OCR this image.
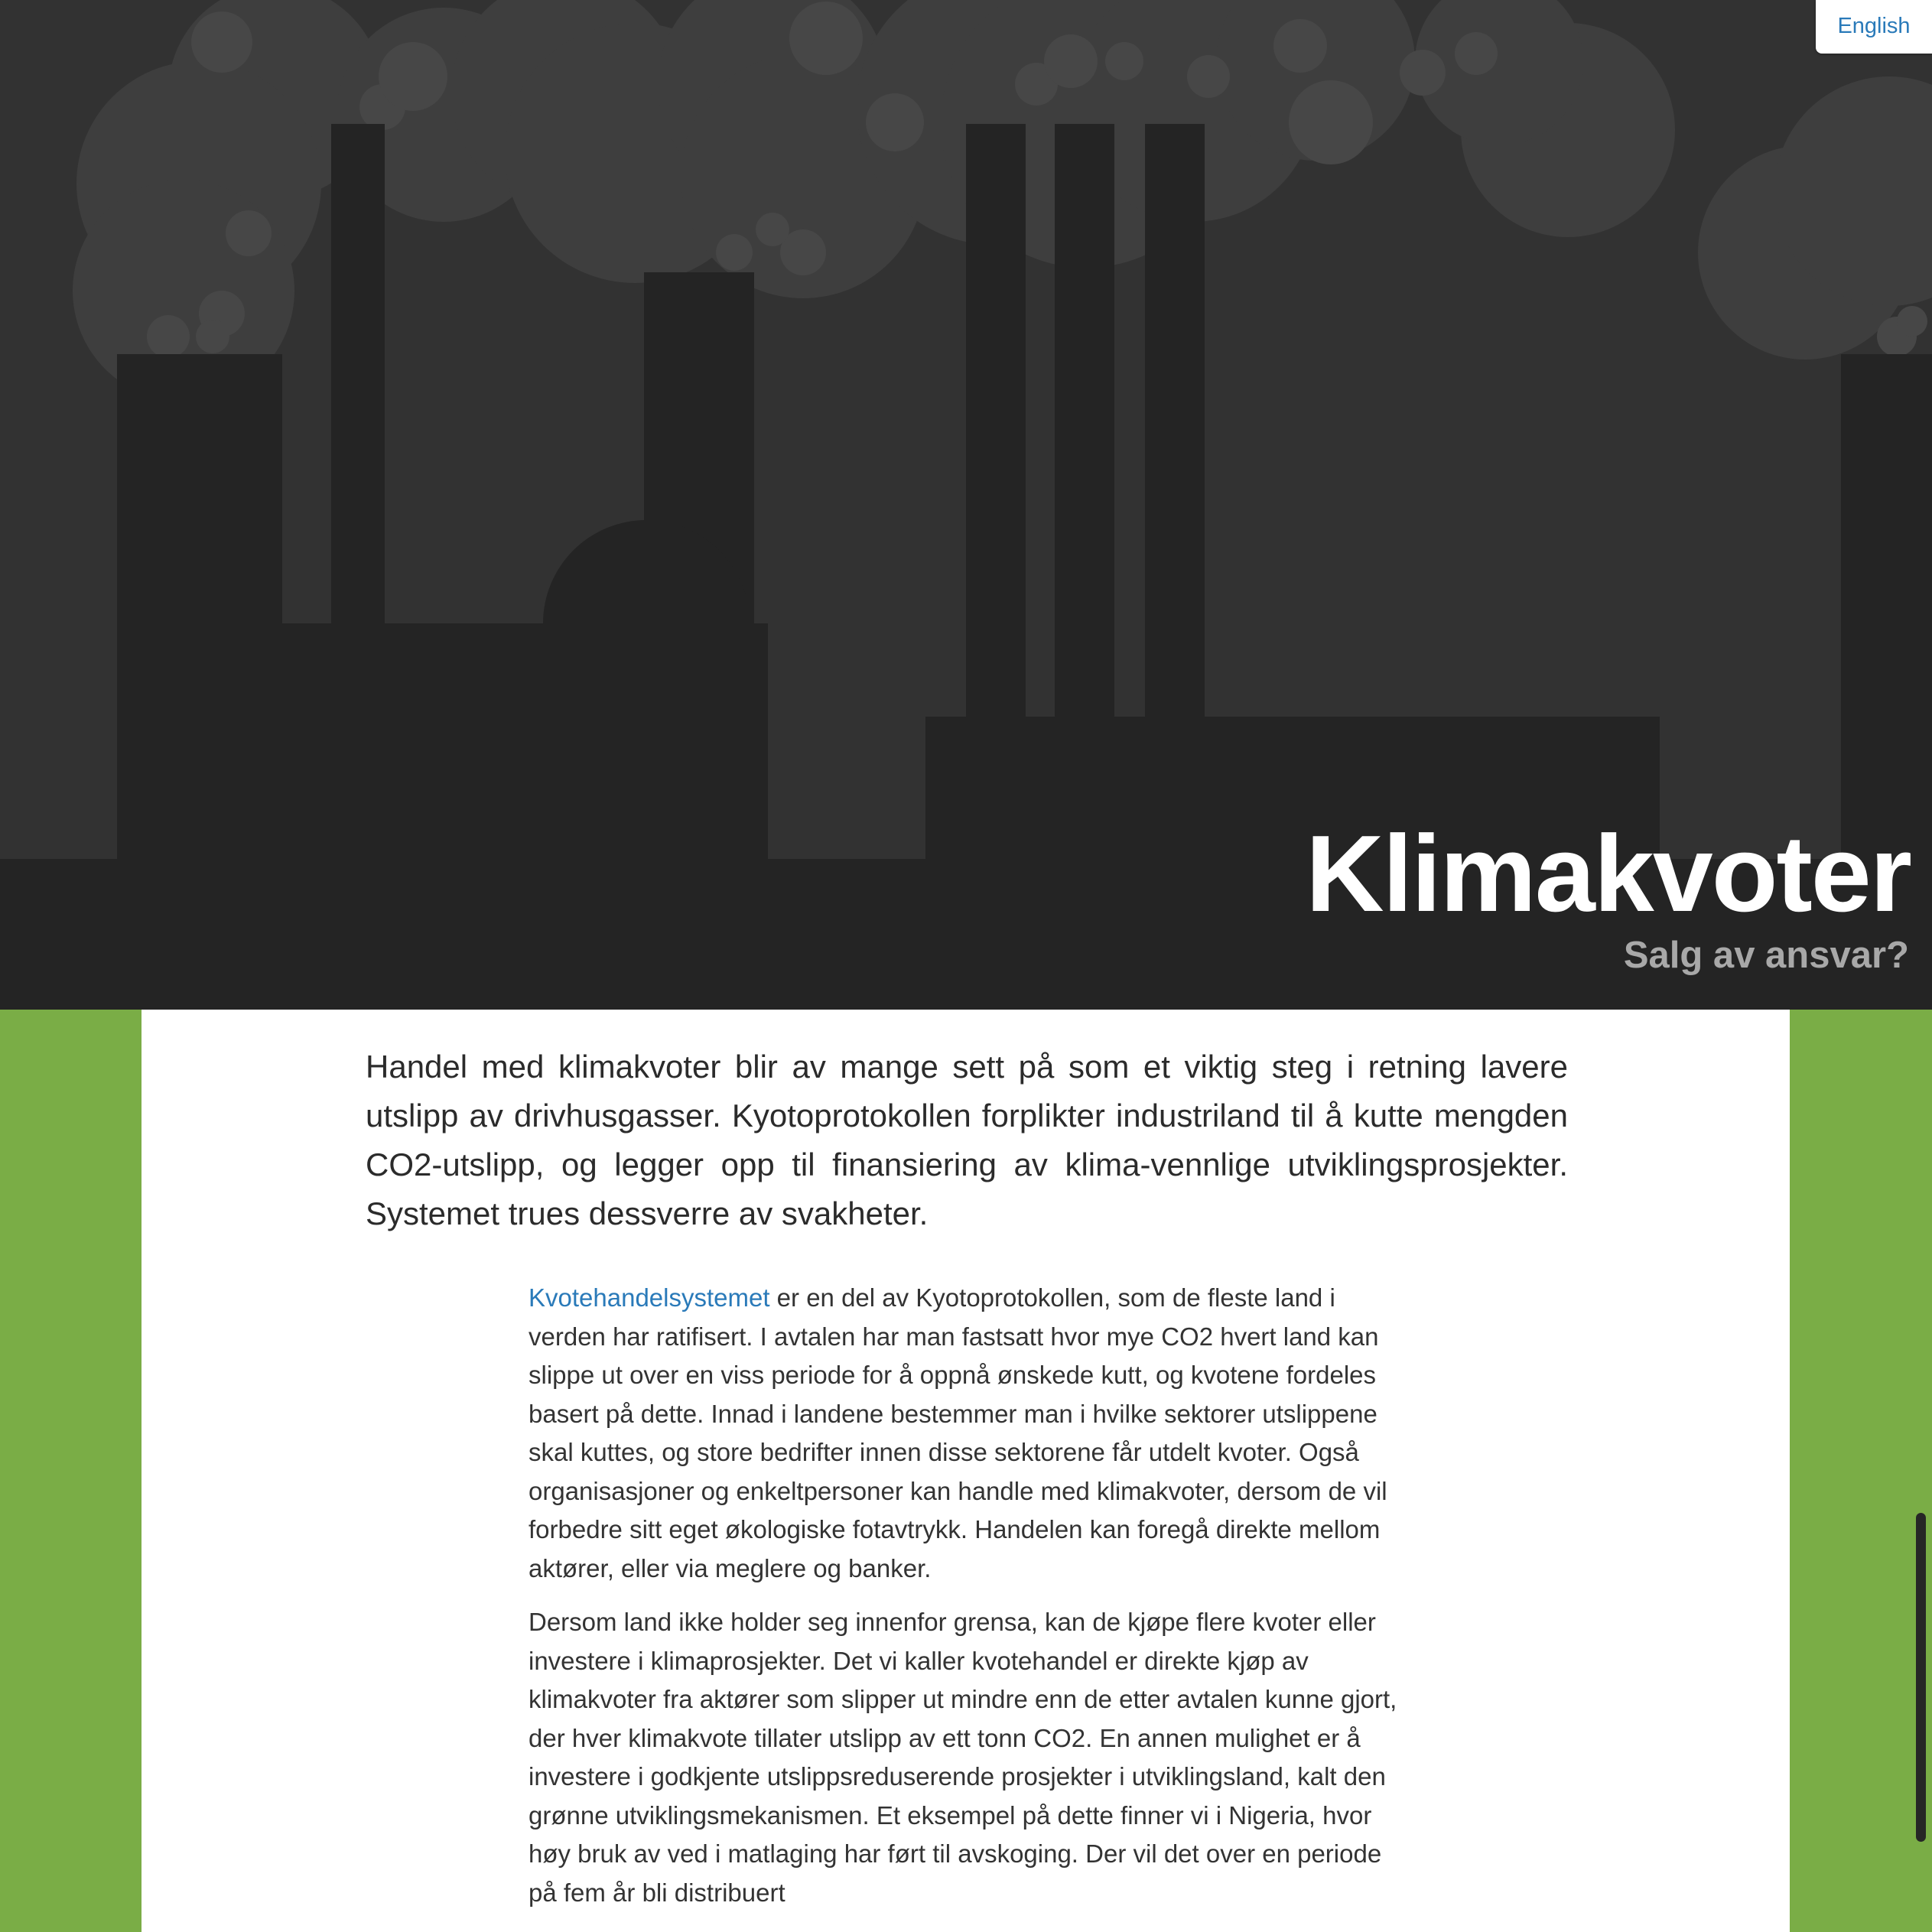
English
Klimakvoter
Salg av ansvar?

Handel med klimakvoter blir av mange sett på som et viktig steg i retning lavere utslipp av drivhusgasser. Kyotoprotokollen forplikter industriland til å kutte mengden CO2-utslipp, og legger opp til finansiering av klima-vennlige utviklingsprosjekter. Systemet trues dessverre av svakheter.

Kvotehandelsystemet er en del av Kyotoprotokollen, som de fleste land i verden har ratifisert. I avtalen har man fastsatt hvor mye CO2 hvert land kan slippe ut over en viss periode for å oppnå ønskede kutt, og kvotene fordeles basert på dette. Innad i landene bestemmer man i hvilke sektorer utslippene skal kuttes, og store bedrifter innen disse sektorene får utdelt kvoter. Også organisasjoner og enkeltpersoner kan handle med klimakvoter, dersom de vil forbedre sitt eget økologiske fotavtrykk. Handelen kan foregå direkte mellom aktører, eller via meglere og banker.

Dersom land ikke holder seg innenfor grensa, kan de kjøpe flere kvoter eller investere i klimaprosjekter. Det vi kaller kvotehandel er direkte kjøp av klimakvoter fra aktører som slipper ut mindre enn de etter avtalen kunne gjort, der hver klimakvote tillater utslipp av ett tonn CO2. En annen mulighet er å investere i godkjente utslippsreduserende prosjekter i utviklingsland, kalt den grønne utviklingsmekanismen. Et eksempel på dette finner vi i Nigeria, hvor høy bruk av ved i matlaging har ført til avskoging. Der vil det over en periode på fem år bli distribuert
